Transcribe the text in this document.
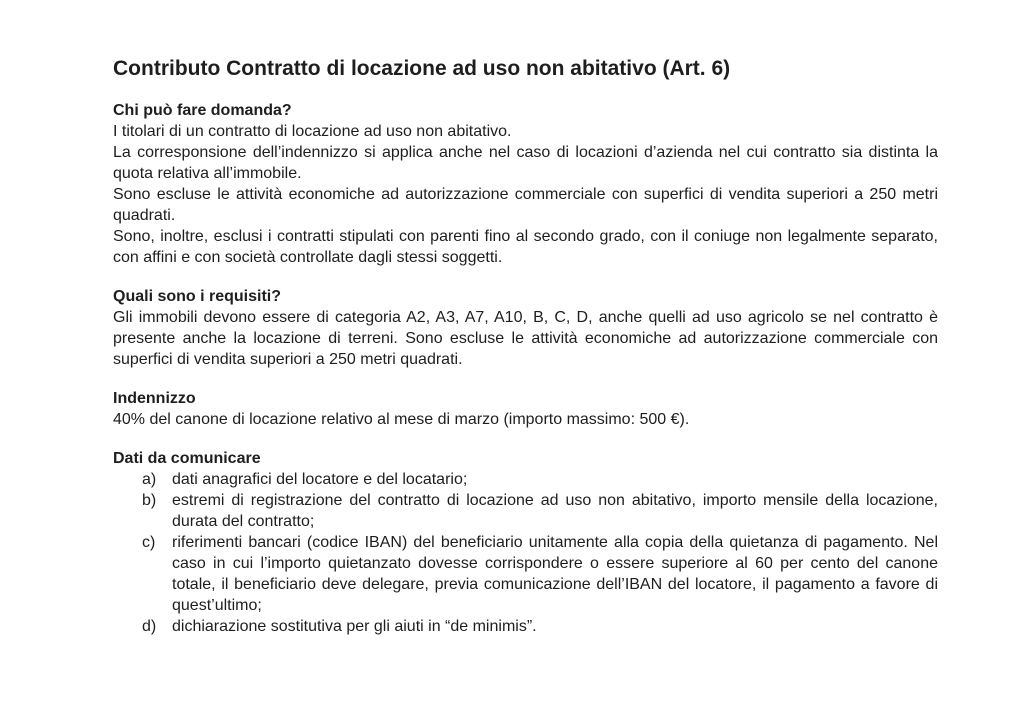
Contributo Contratto di locazione ad uso non abitativo (Art. 6)
Chi può fare domanda?

I titolari di un contratto di locazione ad uso non abitativo.

La corresponsione dell’indennizzo si applica anche nel caso di locazioni d’azienda nel cui contratto sia distinta la quota relativa all’immobile.

Sono escluse le attività economiche ad autorizzazione commerciale con superfici di vendita superiori a 250 metri quadrati.

Sono, inoltre, esclusi i contratti stipulati con parenti fino al secondo grado, con il coniuge non legalmente separato, con affini e con società controllate dagli stessi soggetti.

Quali sono i requisiti?

Gli immobili devono essere di categoria A2, A3, A7, A10, B, C, D, anche quelli ad uso agricolo se nel contratto è presente anche la locazione di terreni. Sono escluse le attività economiche ad autorizzazione commerciale con superfici di vendita superiori a 250 metri quadrati.

Indennizzo

40% del canone di locazione relativo al mese di marzo (importo massimo: 500 €).

Dati da comunicare
a) dati anagrafici del locatore e del locatario;
b) estremi di registrazione del contratto di locazione ad uso non abitativo, importo mensile della locazione, durata del contratto;
c) riferimenti bancari (codice IBAN) del beneficiario unitamente alla copia della quietanza di pagamento. Nel caso in cui l’importo quietanzato dovesse corrispondere o essere superiore al 60 per cento del canone totale, il beneficiario deve delegare, previa comunicazione dell’IBAN del locatore, il pagamento a favore di quest’ultimo;
d) dichiarazione sostitutiva per gli aiuti in “de minimis”.
